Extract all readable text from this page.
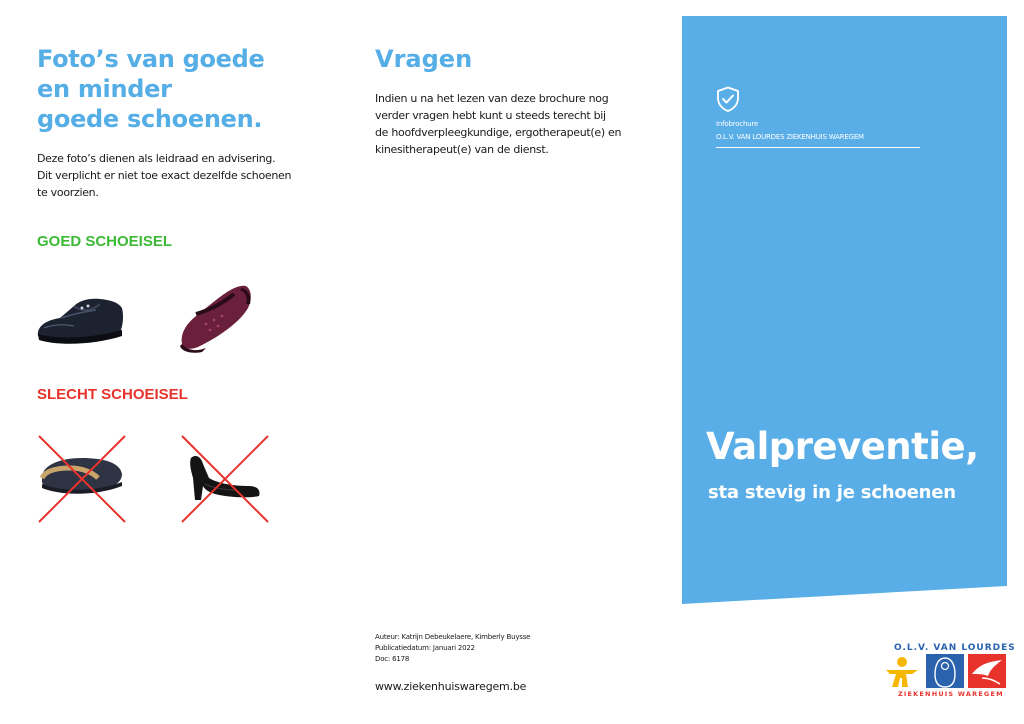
Foto’s van goede
en minder
goede schoenen.

Deze foto’s dienen als leidraad en advisering.
Dit verplicht er niet toe exact dezelfde schoenen
te voorzien.

GOED SCHOEISEL
SLECHT SCHOEISEL
Vragen

Indien u na het lezen van deze brochure nog
verder vragen hebt kunt u steeds terecht bij
de hoofdverpleegkundige, ergotherapeut(e) en
kinesitherapeut(e) van de dienst.

Auteur: Katrijn Debeukelaere, Kimberly Buysse
Publicatiedatum: Januari 2022
Doc: 6178
www.ziekenhuiswaregem.be
Infobrochure
O.L.V. VAN LOURDES ZIEKENHUIS WAREGEM
Valpreventie,
sta stevig in je schoenen
O.L.V. VAN LOURDES
ZIEKENHUIS WAREGEM
